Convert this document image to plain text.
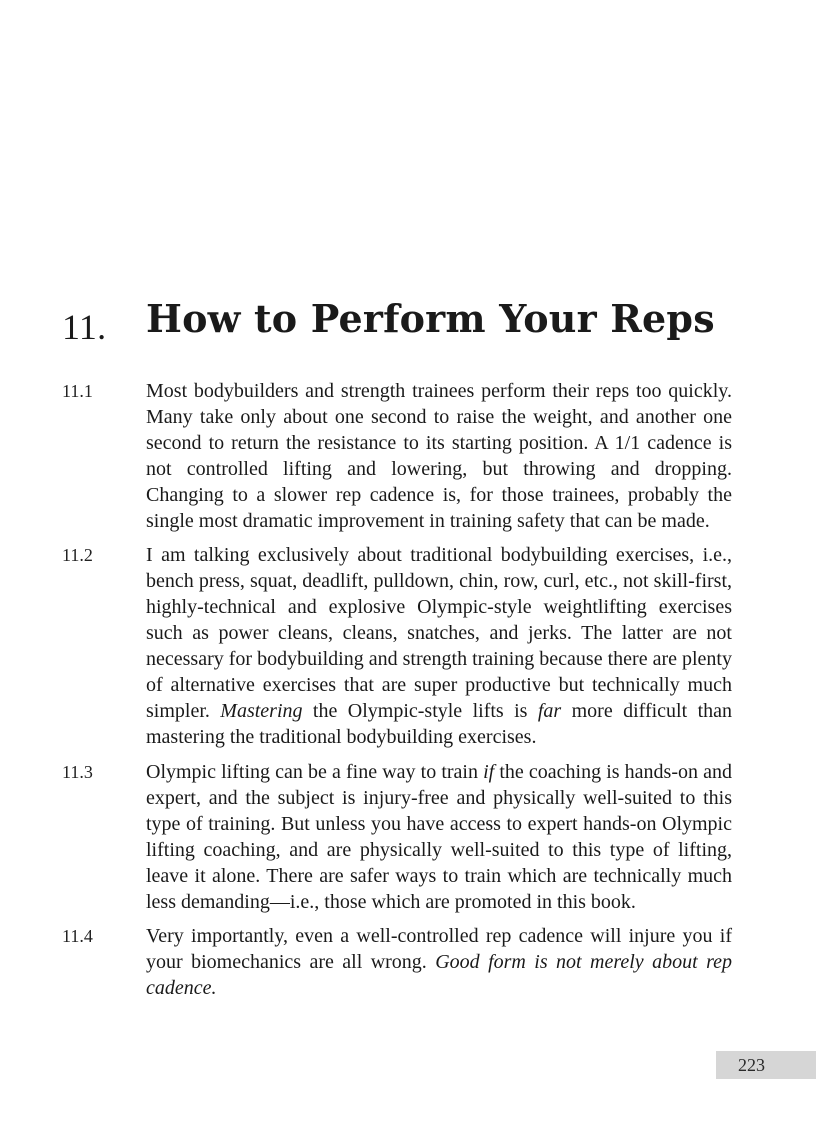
11. How to Perform Your Reps
11.1	Most bodybuilders and strength trainees perform their reps too quickly. Many take only about one second to raise the weight, and another one second to return the resistance to its starting position. A 1/1 cadence is not controlled lifting and lowering, but throwing and dropping. Changing to a slower rep cadence is, for those trainees, probably the single most dramatic improvement in training safety that can be made.
11.2	I am talking exclusively about traditional bodybuilding exercises, i.e., bench press, squat, deadlift, pulldown, chin, row, curl, etc., not skill-first, highly-technical and explosive Olympic-style weightlifting exercises such as power cleans, cleans, snatches, and jerks. The latter are not necessary for bodybuilding and strength training because there are plenty of alternative exercises that are super productive but technically much simpler. Mastering the Olympic-style lifts is far more difficult than mastering the traditional bodybuilding exercises.
11.3	Olympic lifting can be a fine way to train if the coaching is hands-on and expert, and the subject is injury-free and physically well-suited to this type of training. But unless you have access to expert hands-on Olympic lifting coaching, and are physically well-suited to this type of lifting, leave it alone. There are safer ways to train which are technically much less demanding—i.e., those which are promoted in this book.
11.4	Very importantly, even a well-controlled rep cadence will injure you if your biomechanics are all wrong. Good form is not merely about rep cadence.
223
